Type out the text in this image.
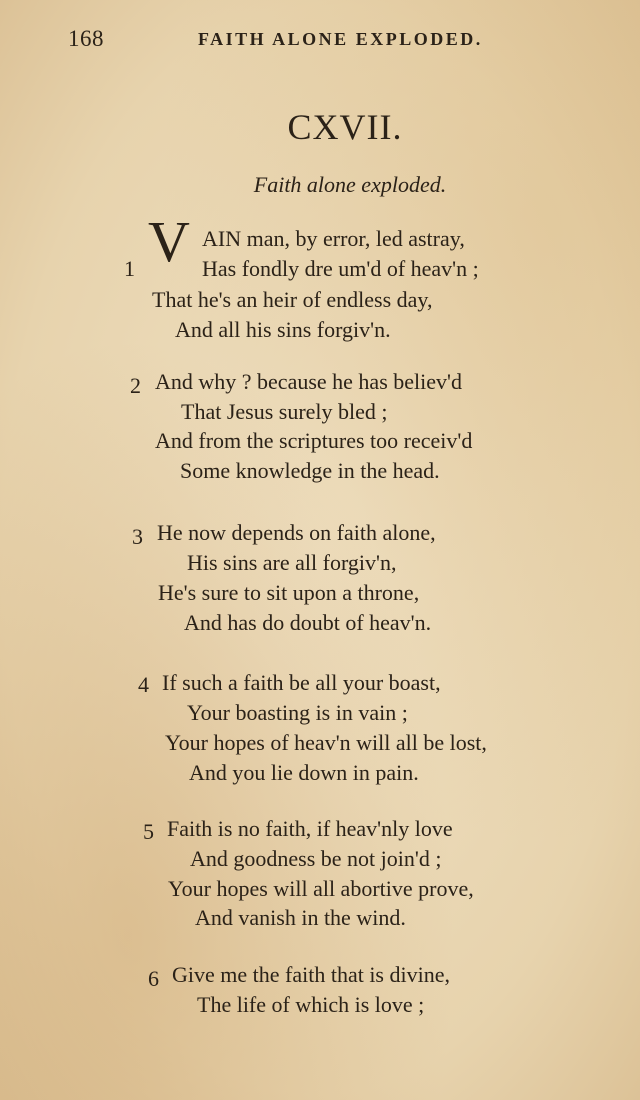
168	FAITH ALONE EXPLODED.
CXVII.
Faith alone exploded.
1 V AIN man, by error, led astray,
Has fondly dre um'd of heav'n ;
That he's an heir of endless day,
And all his sins forgiv'n.
2 And why ? because he has believ'd
That Jesus surely bled ;
And from the scriptures too receiv'd
Some knowledge in the head.
3 He now depends on faith alone,
His sins are all forgiv'n,
He's sure to sit upon a throne,
And has do doubt of heav'n.
4 If such a faith be all your boast,
Your boasting is in vain ;
Your hopes of heav'n will all be lost,
And you lie down in pain.
5 Faith is no faith, if heav'nly love
And goodness be not join'd ;
Your hopes will all abortive prove,
And vanish in the wind.
6 Give me the faith that is divine,
The life of which is love ;
